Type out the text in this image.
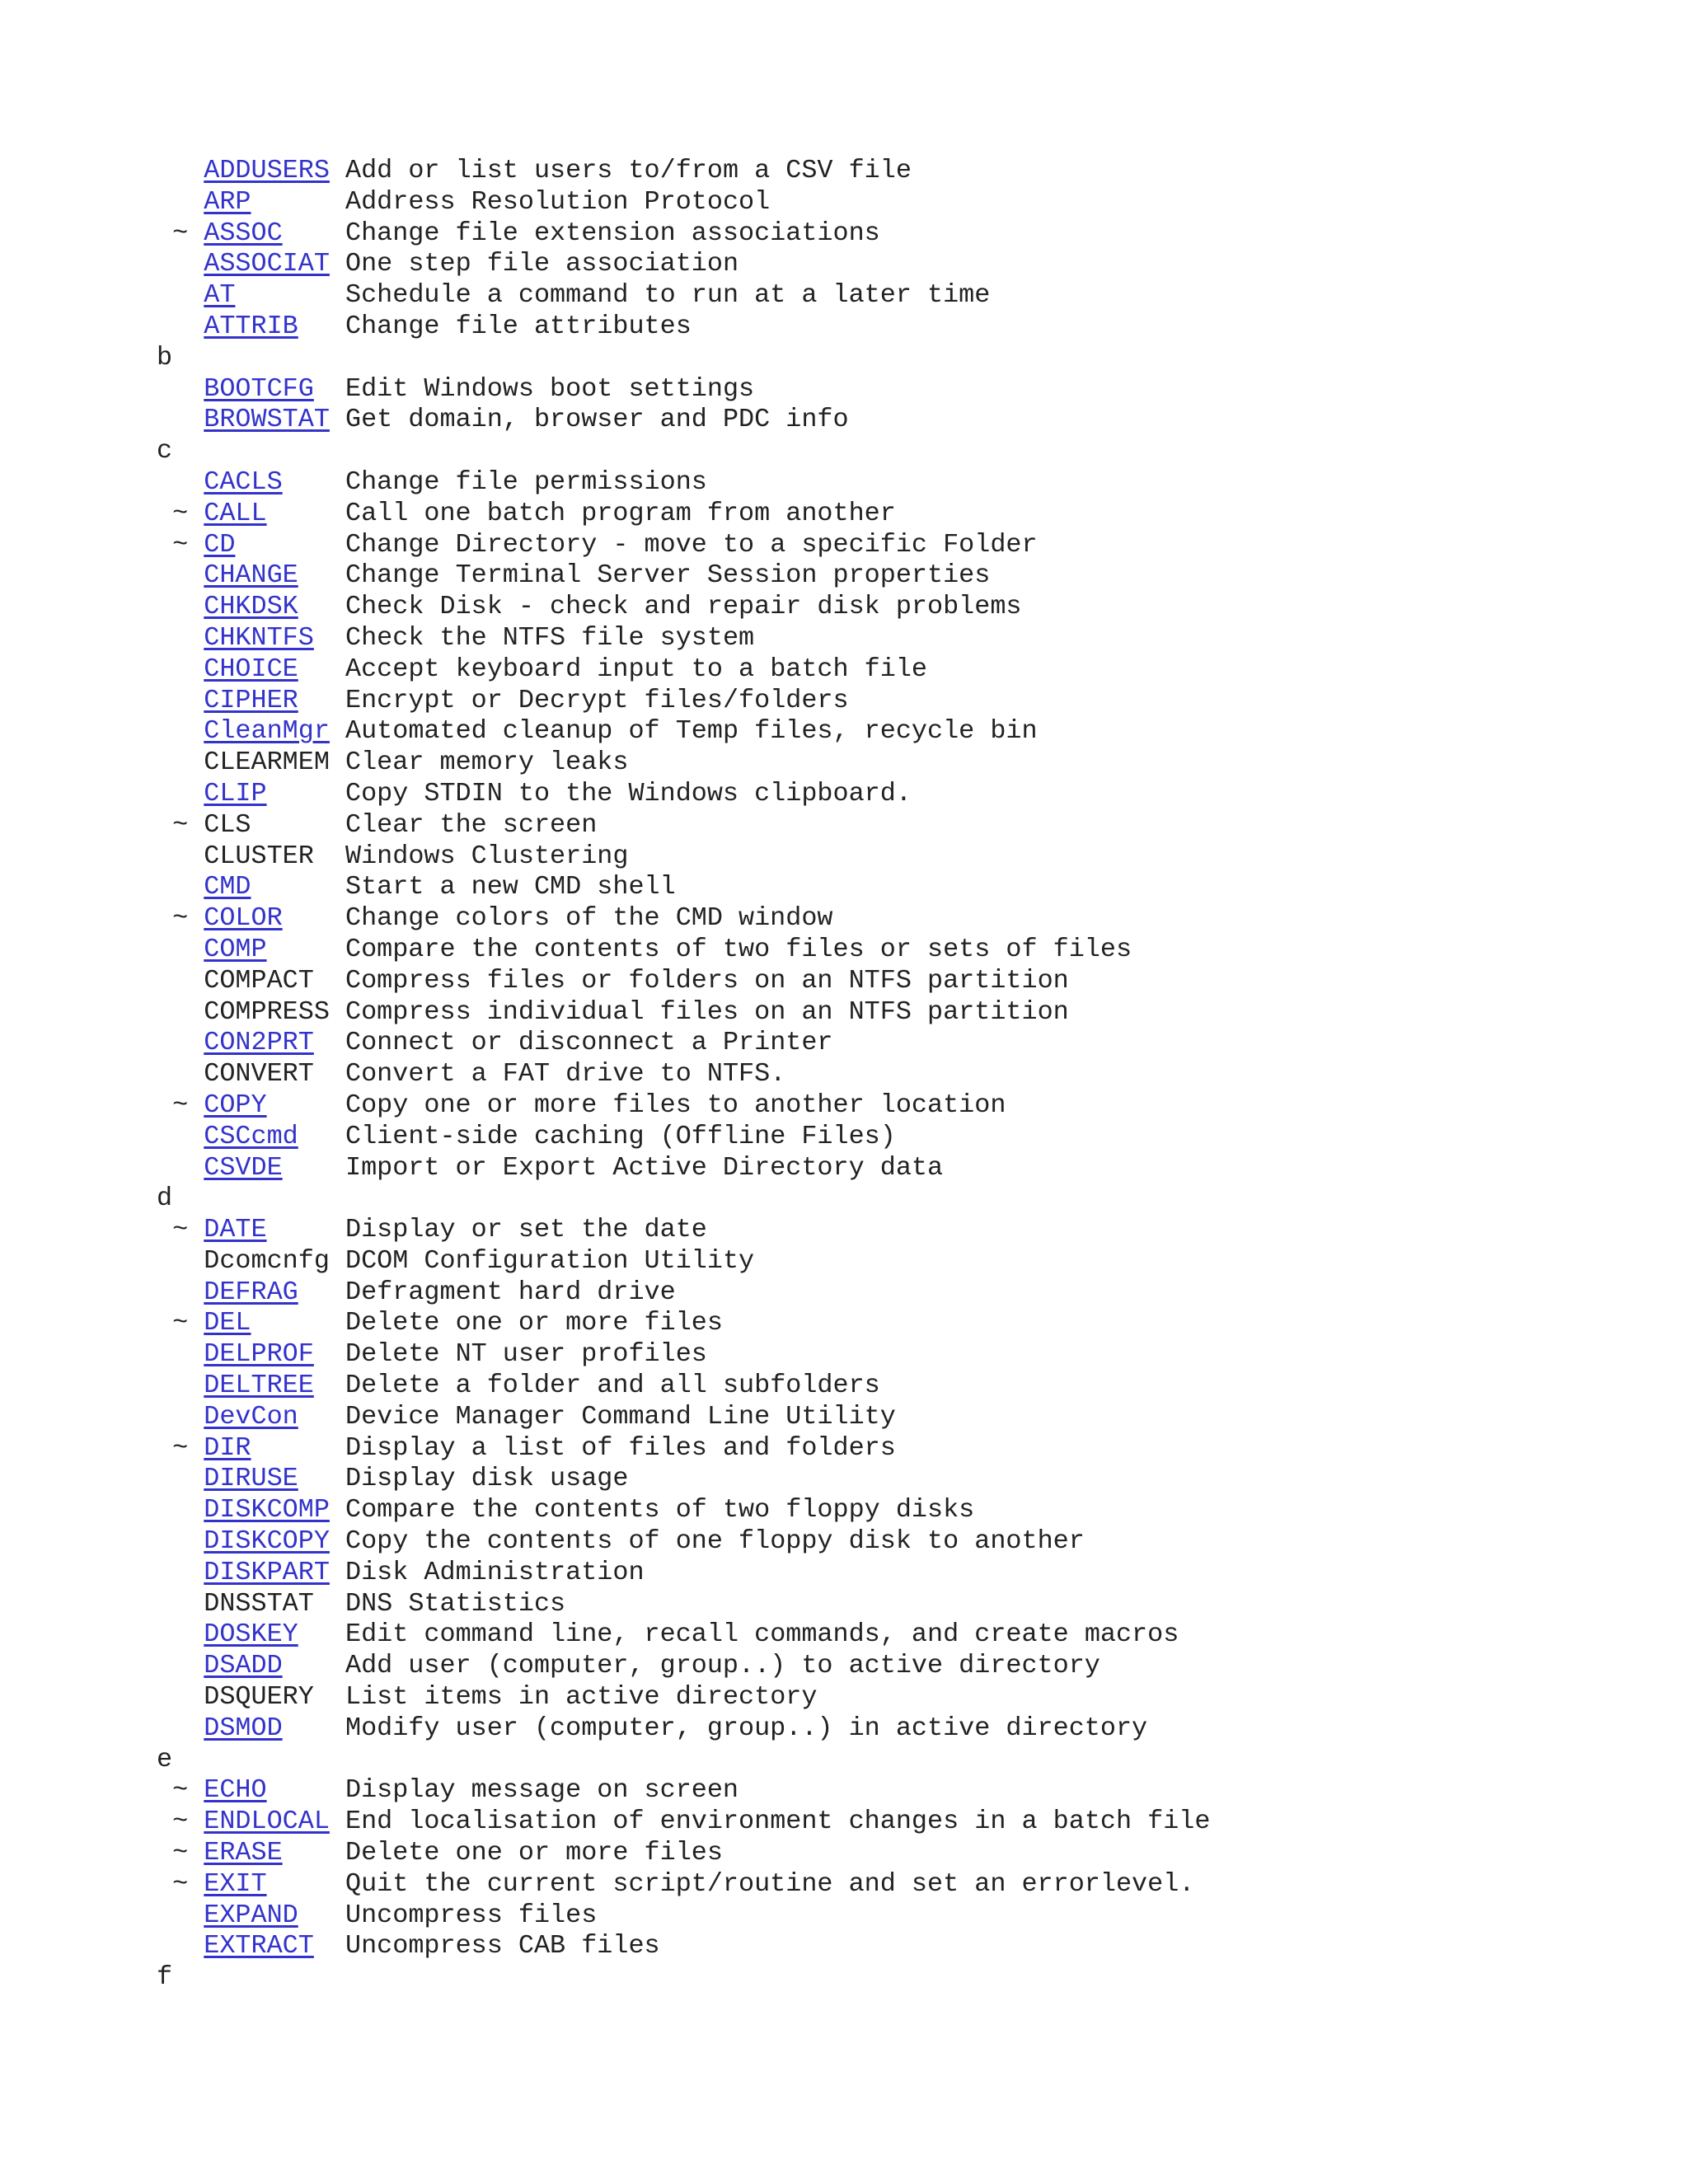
ADDUSERS Add or list users to/from a CSV file
ARP	Address Resolution Protocol
~ ASSOC Change file extension associations
ASSOCIAT One step file association
AT	Schedule a command to run at a later time
ATTRIB Change file attributes
b
BOOTCFG Edit Windows boot settings
BROWSTAT Get domain, browser and PDC info
c
CACLS Change file permissions
~ CALL	Call one batch program from another
~ CD	Change Directory - move to a specific Folder
CHANGE Change Terminal Server Session properties
CHKDSK Check Disk - check and repair disk problems
CHKNTFS Check the NTFS file system
CHOICE Accept keyboard input to a batch file
CIPHER Encrypt or Decrypt files/folders
CleanMgr Automated cleanup of Temp files, recycle bin
CLEARMEM Clear memory leaks
CLIP	Copy STDIN to the Windows clipboard.
~ CLS	Clear the screen
CLUSTER Windows Clustering
CMD	Start a new CMD shell
~ COLOR Change colors of the CMD window
COMP	Compare the contents of two files or sets of files
COMPACT Compress files or folders on an NTFS partition
COMPRESS Compress individual files on an NTFS partition
CON2PRT Connect or disconnect a Printer
CONVERT Convert a FAT drive to NTFS.
~ COPY	Copy one or more files to another location
CSCcmd Client-side caching (Offline Files)
CSVDE Import or Export Active Directory data
d
~ DATE	Display or set the date
Dcomcnfg DCOM Configuration Utility
DEFRAG Defragment hard drive
~ DEL	Delete one or more files
DELPROF Delete NT user profiles
DELTREE Delete a folder and all subfolders
DevCon Device Manager Command Line Utility
~ DIR	Display a list of files and folders
DIRUSE Display disk usage
DISKCOMP Compare the contents of two floppy disks
DISKCOPY Copy the contents of one floppy disk to another
DISKPART Disk Administration
DNSSTAT DNS Statistics
DOSKEY Edit command line, recall commands, and create macros
DSADD Add user (computer, group..) to active directory
DSQUERY List items in active directory
DSMOD Modify user (computer, group..) in active directory
e
~ ECHO	Display message on screen
~ ENDLOCAL End localisation of environment changes in a batch file
~ ERASE Delete one or more files
~ EXIT	Quit the current script/routine and set an errorlevel.
EXPAND Uncompress files
EXTRACT Uncompress CAB files
f
